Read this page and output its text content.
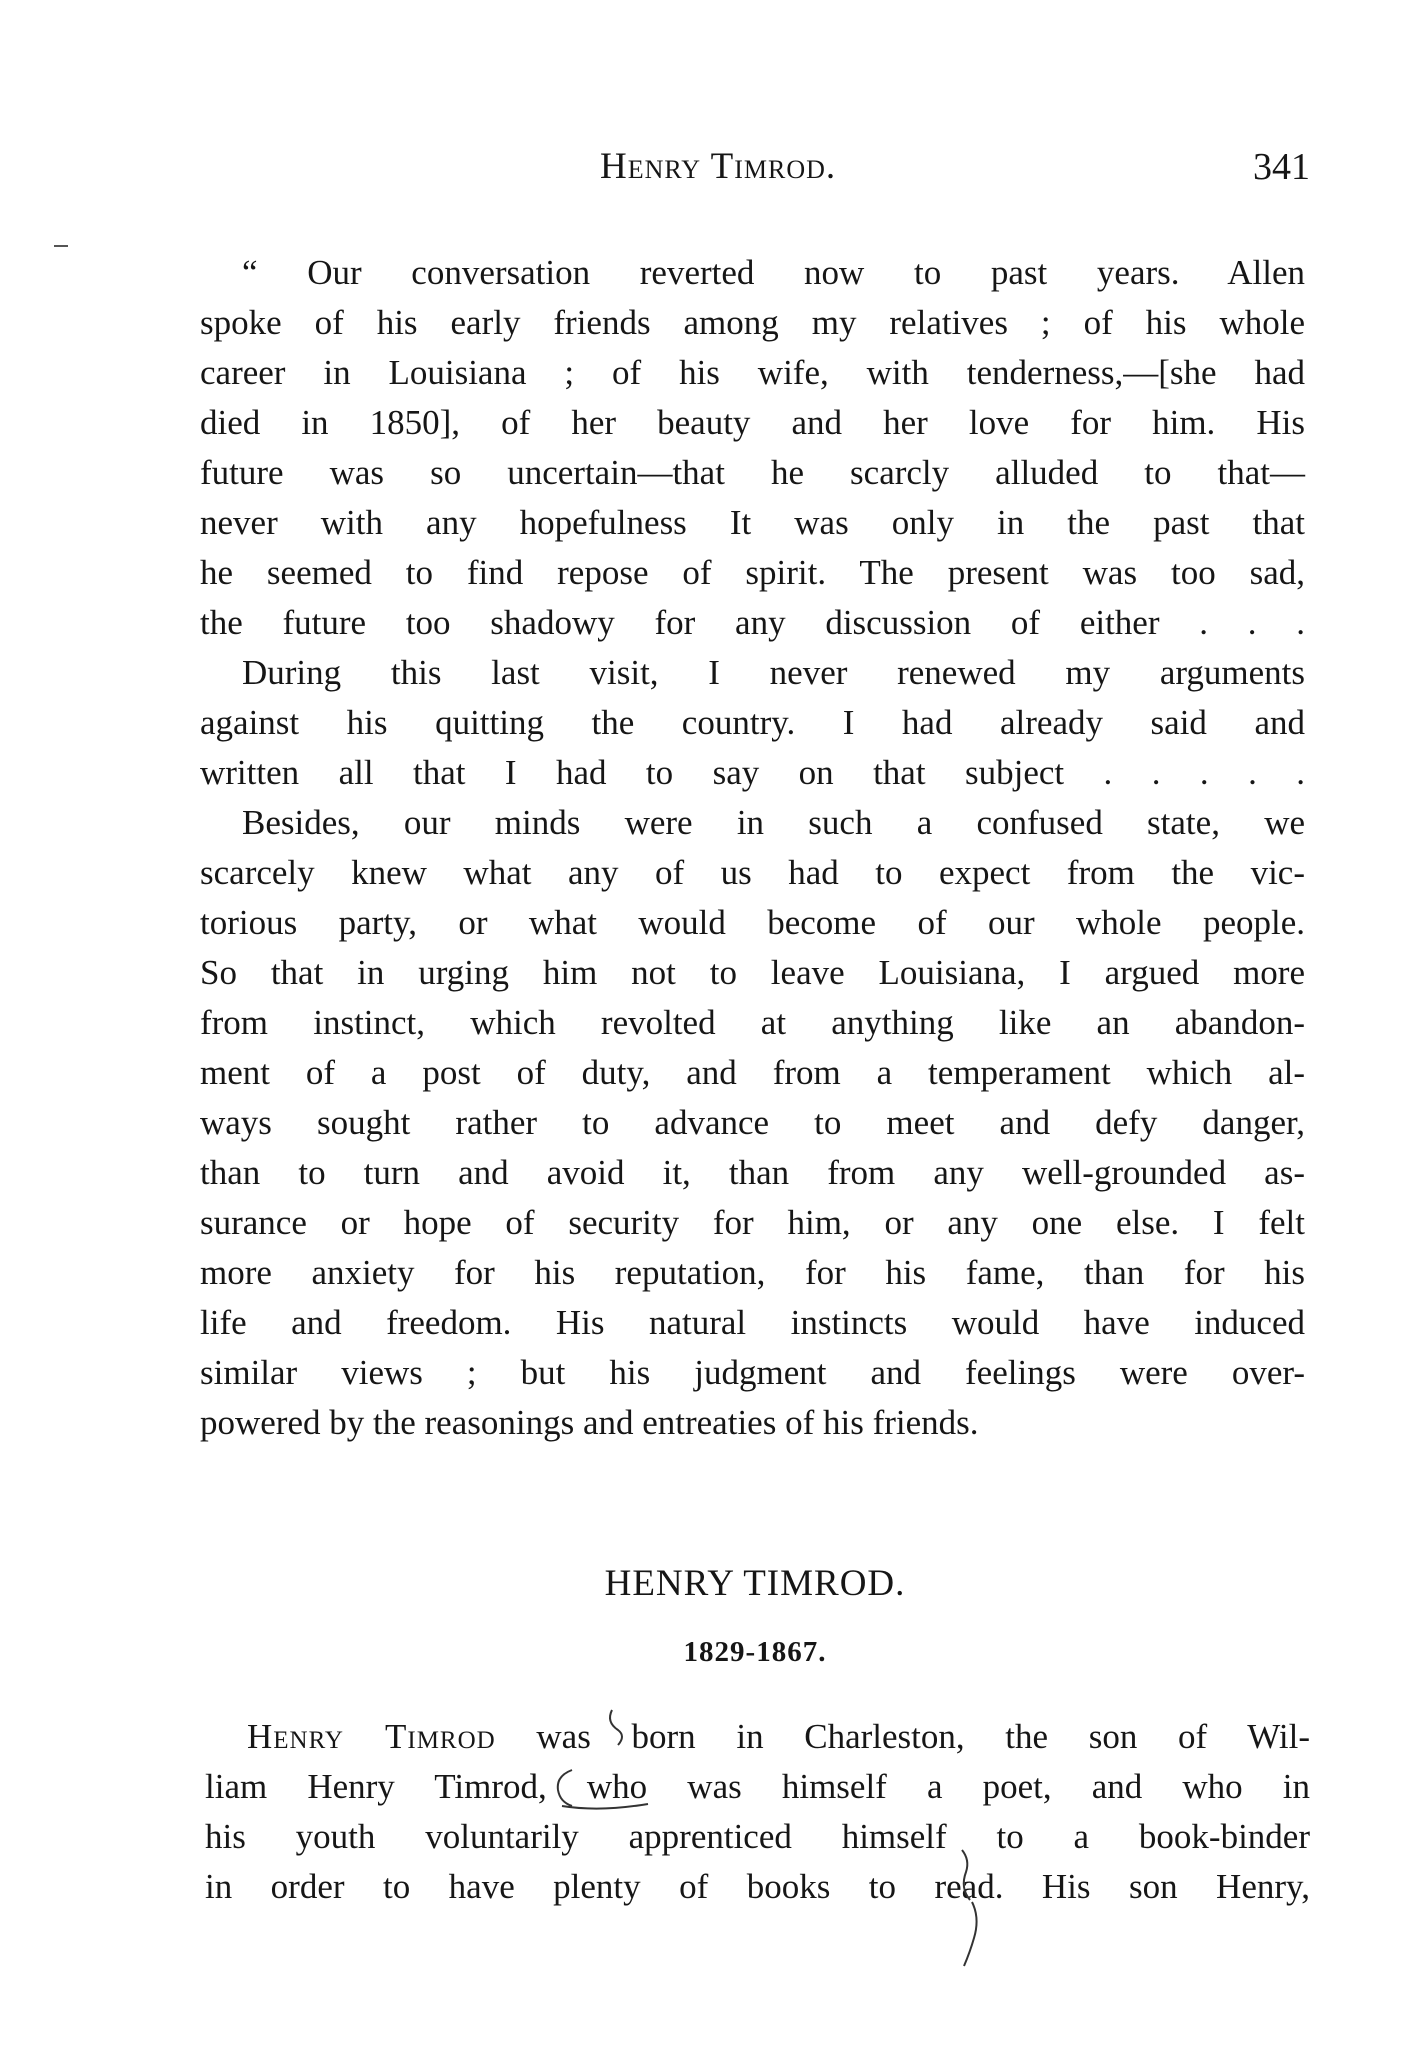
Henry Timrod.	341
“ Our conversation reverted now to past years. Allen
spoke of his early friends among my relatives ; of his whole
career in Louisiana ; of his wife, with tenderness,—[she had
died in 1850], of her beauty and her love for him. His
future was so uncertain—that he scarcly alluded to that—
never with any hopefulness It was only in the past that
he seemed to find repose of spirit. The present was too sad,
the future too shadowy for any discussion of either . . .
During this last visit, I never renewed my arguments
against his quitting the country. I had already said and
written all that I had to say on that subject . . . . .
Besides, our minds were in such a confused state, we
scarcely knew what any of us had to expect from the vic-
torious party, or what would become of our whole people.
So that in urging him not to leave Louisiana, I argued more
from instinct, which revolted at anything like an abandon-
ment of a post of duty, and from a temperament which al-
ways sought rather to advance to meet and defy danger,
than to turn and avoid it, than from any well-grounded as-
surance or hope of security for him, or any one else. I felt
more anxiety for his reputation, for his fame, than for his
life and freedom. His natural instincts would have induced
similar views ; but his judgment and feelings were over-
powered by the reasonings and entreaties of his friends.
HENRY TIMROD.
1829-1867.
Henry Timrod was born in Charleston, the son of Wil-
liam Henry Timrod, who was himself a poet, and who in
his youth voluntarily apprenticed himself to a book-binder
in order to have plenty of books to read. His son Henry,
